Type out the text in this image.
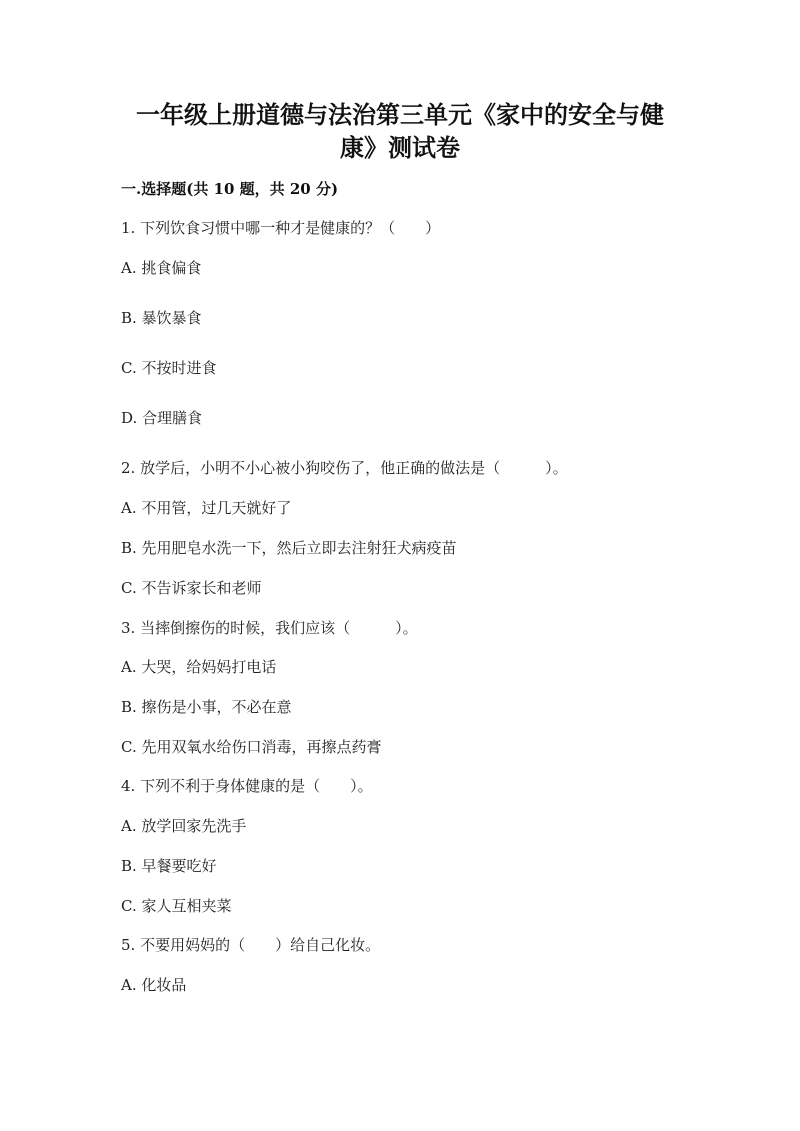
一年级上册道德与法治第三单元《家中的安全与健
康》测试卷
一.选择题(共 10 题，共 20 分)
1. 下列饮食习惯中哪一种才是健康的？（　　）
A. 挑食偏食
B. 暴饮暴食
C. 不按时进食
D. 合理膳食
2. 放学后，小明不小心被小狗咬伤了，他正确的做法是（　　　）。
A. 不用管，过几天就好了
B. 先用肥皂水洗一下，然后立即去注射狂犬病疫苗
C. 不告诉家长和老师
3. 当摔倒擦伤的时候，我们应该（　　　）。
A. 大哭，给妈妈打电话
B. 擦伤是小事，不必在意
C. 先用双氧水给伤口消毒，再擦点药膏
4. 下列不利于身体健康的是（　　）。
A. 放学回家先洗手
B. 早餐要吃好
C. 家人互相夹菜
5. 不要用妈妈的（　　）给自己化妆。
A. 化妆品
